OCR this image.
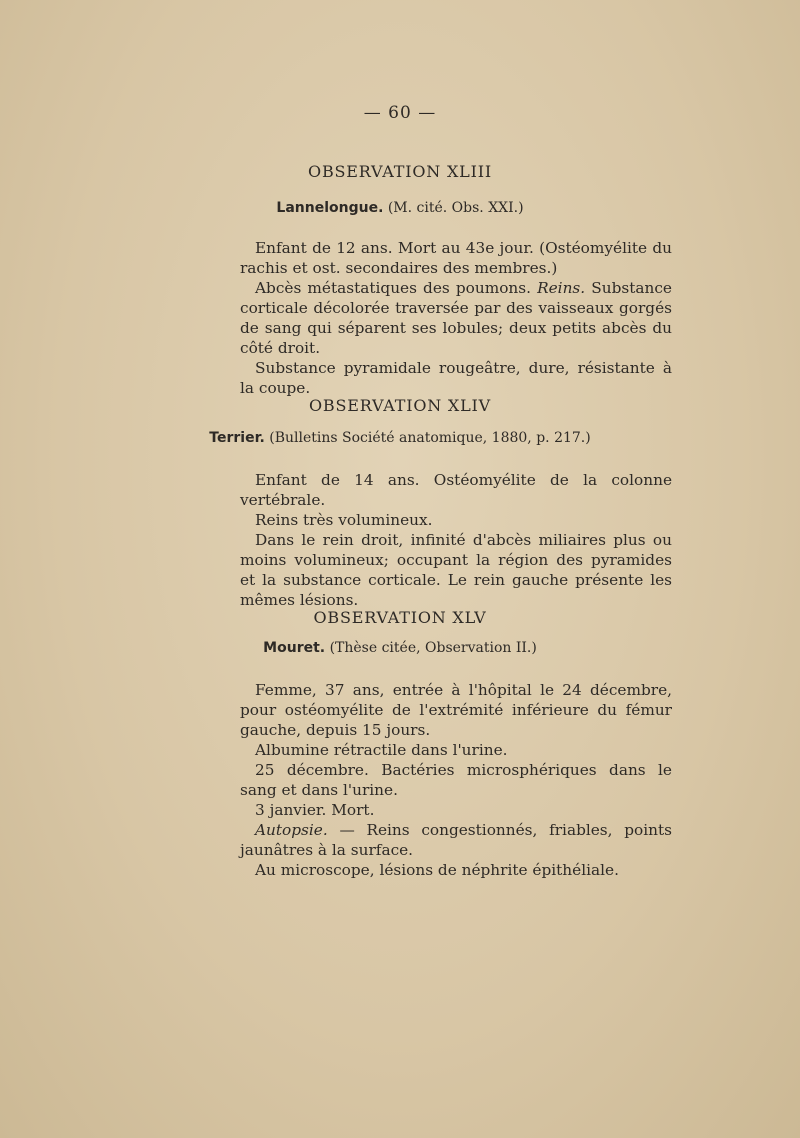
— 60 —
OBSERVATION XLIII
Lannelongue. (M. cité. Obs. XXI.)

Enfant de 12 ans. Mort au 43e jour. (Ostéomyélite du rachis et ost. secondaires des membres.)

Abcès métastatiques des poumons. Reins. Substance corticale décolorée traversée par des vaisseaux gorgés de sang qui séparent ses lobules; deux petits abcès du côté droit.

Substance pyramidale rougeâtre, dure, résistante à la coupe.

OBSERVATION XLIV
Terrier. (Bulletins Société anatomique, 1880, p. 217.)

Enfant de 14 ans. Ostéomyélite de la colonne vertébrale.

Reins très volumineux.

Dans le rein droit, infinité d'abcès miliaires plus ou moins volumineux; occupant la région des pyramides et la substance corticale. Le rein gauche présente les mêmes lésions.

OBSERVATION XLV
Mouret. (Thèse citée, Observation II.)

Femme, 37 ans, entrée à l'hôpital le 24 décembre, pour ostéomyélite de l'extrémité inférieure du fémur gauche, depuis 15 jours.

Albumine rétractile dans l'urine.

25 décembre. Bactéries microsphériques dans le sang et dans l'urine.

3 janvier. Mort.

Autopsie. — Reins congestionnés, friables, points jaunâtres à la surface.

Au microscope, lésions de néphrite épithéliale.
